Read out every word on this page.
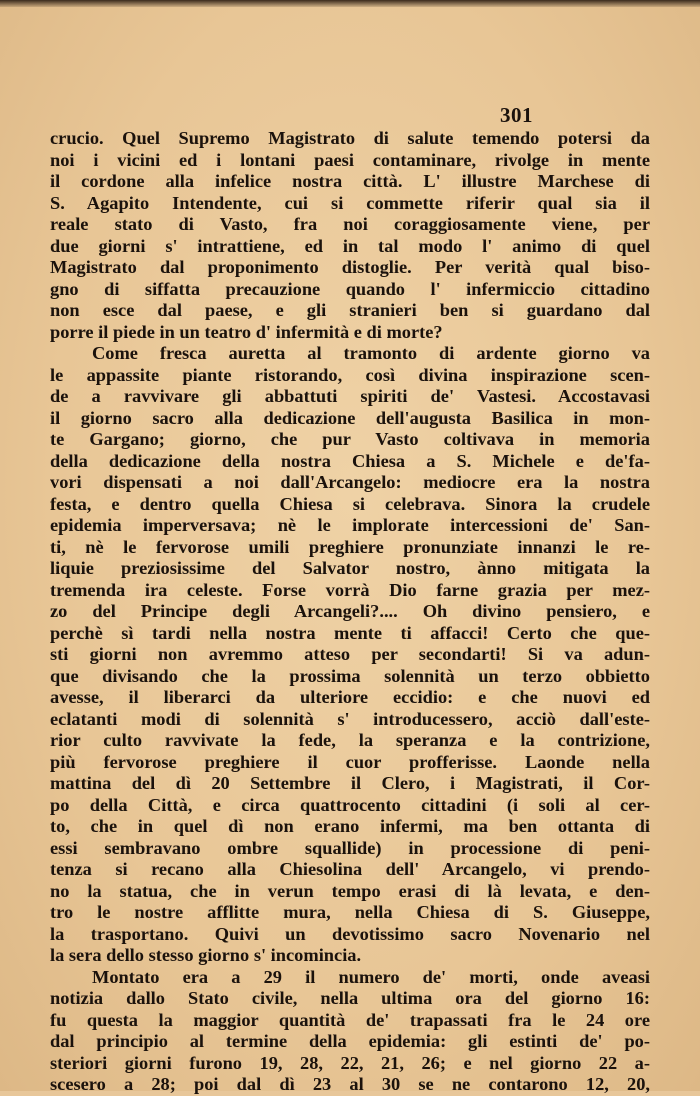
301
crucio. Quel Supremo Magistrato di salute temendo potersi da
noi i vicini ed i lontani paesi contaminare, rivolge in mente
il cordone alla infelice nostra città. L' illustre Marchese di
S. Agapito Intendente, cui si commette riferir qual sia il
reale stato di Vasto, fra noi coraggiosamente viene, per
due giorni s' intrattiene, ed in tal modo l' animo di quel
Magistrato dal proponimento distoglie. Per verità qual biso-
gno di siffatta precauzione quando l' infermiccio cittadino
non esce dal paese, e gli stranieri ben si guardano dal
porre il piede in un teatro d' infermità e di morte?
Come fresca auretta al tramonto di ardente giorno va
le appassite piante ristorando, così divina inspirazione scen-
de a ravvivare gli abbattuti spiriti de' Vastesi. Accostavasi
il giorno sacro alla dedicazione dell'augusta Basilica in mon-
te Gargano; giorno, che pur Vasto coltivava in memoria
della dedicazione della nostra Chiesa a S. Michele e de'fa-
vori dispensati a noi dall'Arcangelo: mediocre era la nostra
festa, e dentro quella Chiesa si celebrava. Sinora la crudele
epidemia imperversava; nè le implorate intercessioni de' San-
ti, nè le fervorose umili preghiere pronunziate innanzi le re-
liquie preziosissime del Salvator nostro, ànno mitigata la
tremenda ira celeste. Forse vorrà Dio farne grazia per mez-
zo del Principe degli Arcangeli?.... Oh divino pensiero, e
perchè sì tardi nella nostra mente ti affacci! Certo che que-
sti giorni non avremmo atteso per secondarti! Si va adun-
que divisando che la prossima solennità un terzo obbietto
avesse, il liberarci da ulteriore eccidio: e che nuovi ed
eclatanti modi di solennità s' introducessero, acciò dall'este-
rior culto ravvivate la fede, la speranza e la contrizione,
più fervorose preghiere il cuor profferisse. Laonde nella
mattina del dì 20 Settembre il Clero, i Magistrati, il Cor-
po della Città, e circa quattrocento cittadini (i soli al cer-
to, che in quel dì non erano infermi, ma ben ottanta di
essi sembravano ombre squallide) in processione di peni-
tenza si recano alla Chiesolina dell' Arcangelo, vi prendo-
no la statua, che in verun tempo erasi di là levata, e den-
tro le nostre afflitte mura, nella Chiesa di S. Giuseppe,
la trasportano. Quivi un devotissimo sacro Novenario nel
la sera dello stesso giorno s' incomincia.
Montato era a 29 il numero de' morti, onde aveasi
notizia dallo Stato civile, nella ultima ora del giorno 16:
fu questa la maggior quantità de' trapassati fra le 24 ore
dal principio al termine della epidemia: gli estinti de' po-
steriori giorni furono 19, 28, 22, 21, 26; e nel giorno 22 a-
scesero a 28; poi dal dì 23 al 30 se ne contarono 12, 20,
